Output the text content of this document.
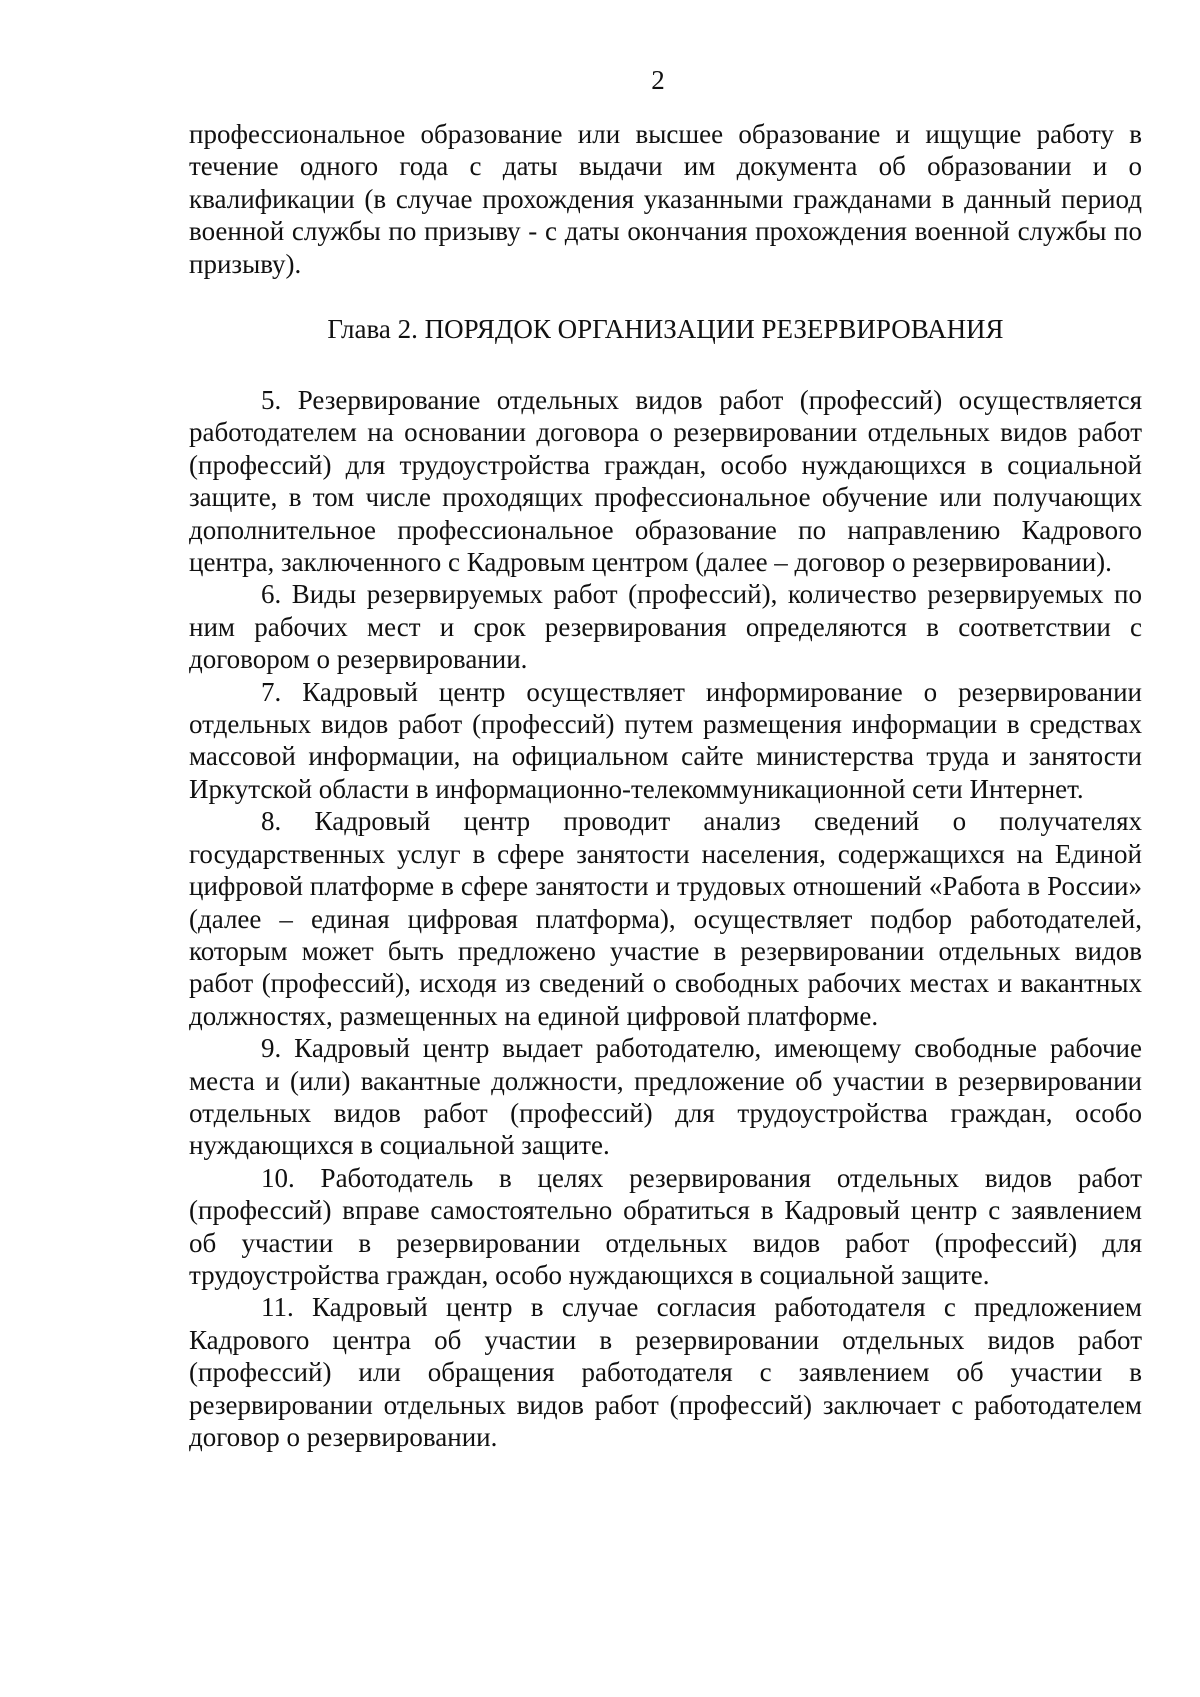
2
профессиональное образование или высшее образование и ищущие работу в течение одного года с даты выдачи им документа об образовании и о квалификации (в случае прохождения указанными гражданами в данный период военной службы по призыву - с даты окончания прохождения военной службы по призыву).
Глава 2. ПОРЯДОК ОРГАНИЗАЦИИ РЕЗЕРВИРОВАНИЯ

5. Резервирование отдельных видов работ (профессий) осуществляется работодателем на основании договора о резервировании отдельных видов работ (профессий) для трудоустройства граждан, особо нуждающихся в социальной защите, в том числе проходящих профессиональное обучение или получающих дополнительное профессиональное образование по направлению Кадрового центра, заключенного с Кадровым центром (далее – договор о резервировании).

6. Виды резервируемых работ (профессий), количество резервируемых по ним рабочих мест и срок резервирования определяются в соответствии с договором о резервировании.

7. Кадровый центр осуществляет информирование о резервировании отдельных видов работ (профессий) путем размещения информации в средствах массовой информации, на официальном сайте министерства труда и занятости Иркутской области в информационно-телекоммуникационной сети Интернет.

8. Кадровый центр проводит анализ сведений о получателях государственных услуг в сфере занятости населения, содержащихся на Единой цифровой платформе в сфере занятости и трудовых отношений «Работа в России» (далее – единая цифровая платформа), осуществляет подбор работодателей, которым может быть предложено участие в резервировании отдельных видов работ (профессий), исходя из сведений о свободных рабочих местах и вакантных должностях, размещенных на единой цифровой платформе.

9. Кадровый центр выдает работодателю, имеющему свободные рабочие места и (или) вакантные должности, предложение об участии в резервировании отдельных видов работ (профессий) для трудоустройства граждан, особо нуждающихся в социальной защите.

10. Работодатель в целях резервирования отдельных видов работ (профессий) вправе самостоятельно обратиться в Кадровый центр с заявлением об участии в резервировании отдельных видов работ (профессий) для трудоустройства граждан, особо нуждающихся в социальной защите.

11. Кадровый центр в случае согласия работодателя с предложением Кадрового центра об участии в резервировании отдельных видов работ (профессий) или обращения работодателя с заявлением об участии в резервировании отдельных видов работ (профессий) заключает с работодателем договор о резервировании.
